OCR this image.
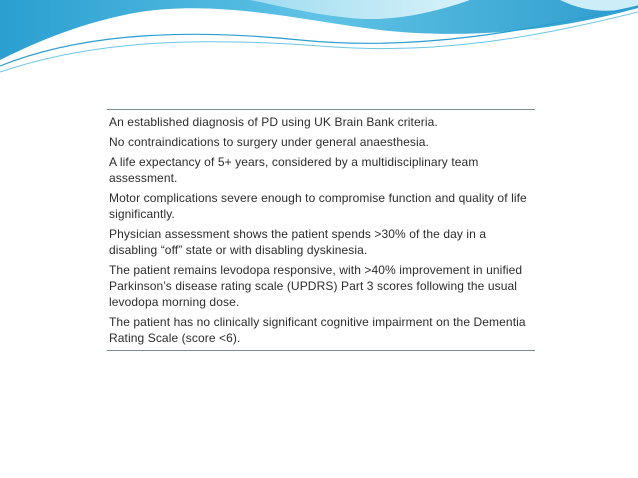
An established diagnosis of PD using UK Brain Bank criteria.
No contraindications to surgery under general anaesthesia.
A life expectancy of 5+ years, considered by a multidisciplinary team assessment.
Motor complications severe enough to compromise function and quality of life significantly.
Physician assessment shows the patient spends >30% of the day in a disabling “off” state or with disabling dyskinesia.
The patient remains levodopa responsive, with >40% improvement in unified Parkinson’s disease rating scale (UPDRS) Part 3 scores following the usual levodopa morning dose.
The patient has no clinically significant cognitive impairment on the Dementia Rating Scale (score <6).
